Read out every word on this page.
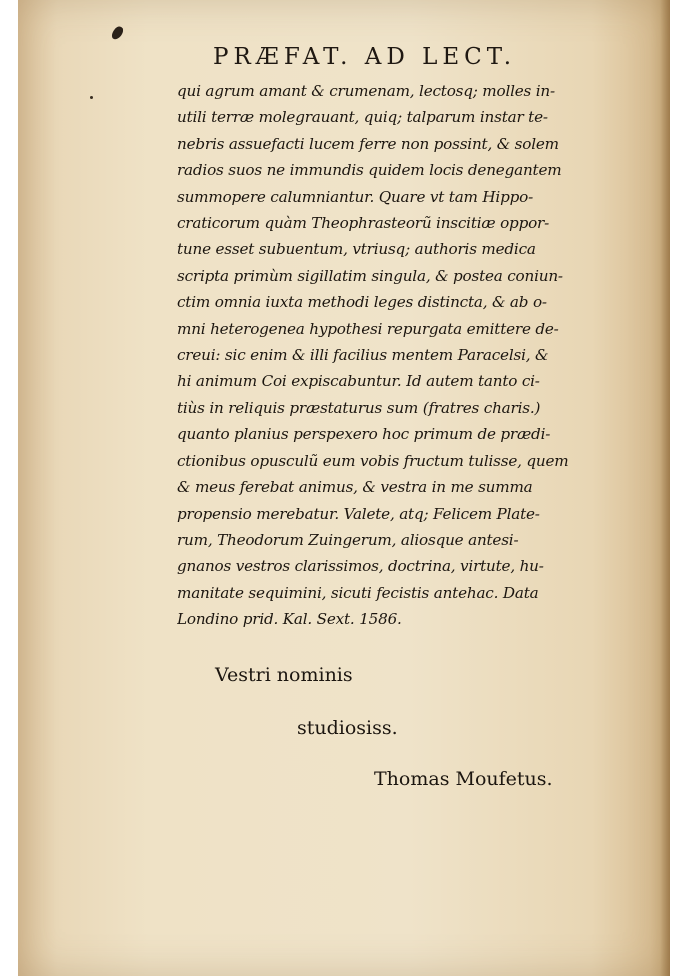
PRÆFAT. AD LECT.
qui agrum amant & crumenam, lectosq; molles in-
utili terræ molegrauant, quiq; talparum instar te-
nebris assuefacti lucem ferre non possint, & solem
radios suos ne immundis quidem locis denegantem
summopere calumniantur. Quare vt tam Hippo-
craticorum quàm Theophrasteorũ inscitiæ oppor-
tune esset subuentum, vtriusq; authoris medica
scripta primùm sigillatim singula, & postea coniun-
ctim omnia iuxta methodi leges distincta, & ab o-
mni heterogenea hypothesi repurgata emittere de-
creui: sic enim & illi facilius mentem Paracelsi, &
hi animum Coi expiscabuntur. Id autem tanto ci-
tiùs in reliquis præstaturus sum (fratres charis.)
quanto planius perspexero hoc primum de prædi-
ctionibus opusculũ eum vobis fructum tulisse, quem
& meus ferebat animus, & vestra in me summa
propensio merebatur. Valete, atq; Felicem Plate-
rum, Theodorum Zuingerum, aliosque antesi-
gnanos vestros clarissimos, doctrina, virtute, hu-
manitate sequimini, sicuti fecistis antehac. Data
Londino prid. Kal. Sext. 1586.
Vestri nominis
studiosiss.
Thomas Moufetus.
